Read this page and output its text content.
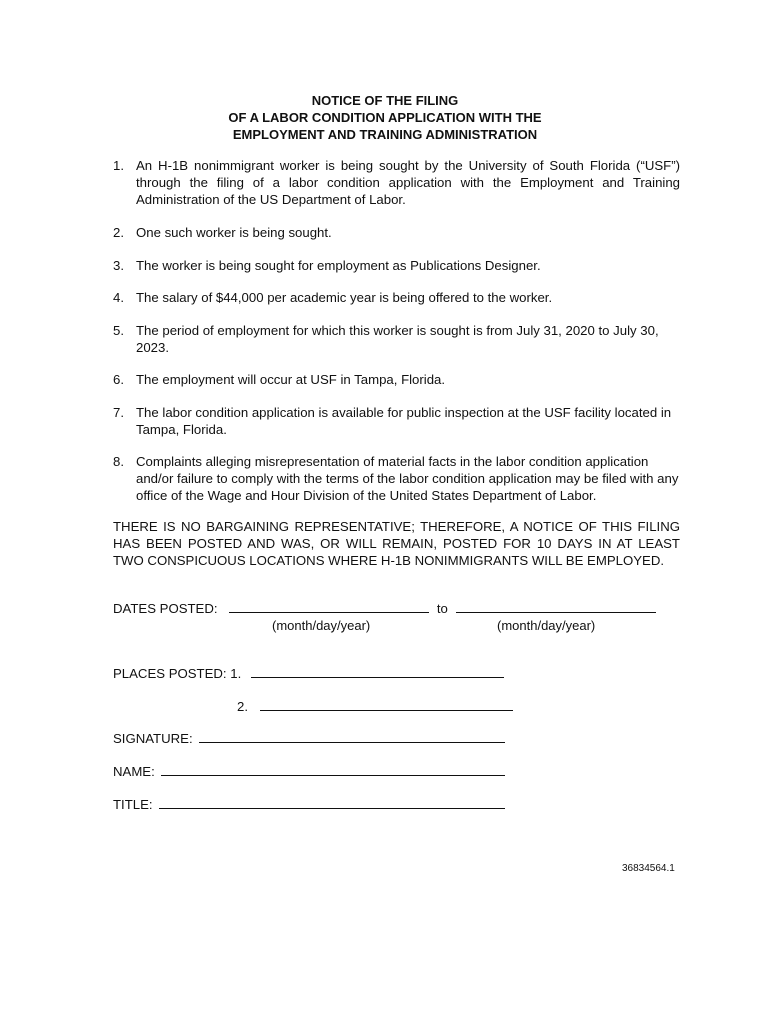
NOTICE OF THE FILING
OF A LABOR CONDITION APPLICATION WITH THE
EMPLOYMENT AND TRAINING ADMINISTRATION
1. An H-1B nonimmigrant worker is being sought by the University of South Florida (“USF”) through the filing of a labor condition application with the Employment and Training Administration of the US Department of Labor.
2. One such worker is being sought.
3. The worker is being sought for employment as Publications Designer.
4. The salary of $44,000 per academic year is being offered to the worker.
5. The period of employment for which this worker is sought is from July 31, 2020 to July 30, 2023.
6. The employment will occur at USF in Tampa, Florida.
7. The labor condition application is available for public inspection at the USF facility located in Tampa, Florida.
8. Complaints alleging misrepresentation of material facts in the labor condition application and/or failure to comply with the terms of the labor condition application may be filed with any office of the Wage and Hour Division of the United States Department of Labor.
THERE IS NO BARGAINING REPRESENTATIVE; THEREFORE, A NOTICE OF THIS FILING HAS BEEN POSTED AND WAS, OR WILL REMAIN, POSTED FOR 10 DAYS IN AT LEAST TWO CONSPICUOUS LOCATIONS WHERE H-1B NONIMMIGRANTS WILL BE EMPLOYED.
DATES POSTED:	to
(month/day/year)	(month/day/year)
PLACES POSTED: 1.
2.
SIGNATURE:
NAME:
TITLE:
36834564.1
